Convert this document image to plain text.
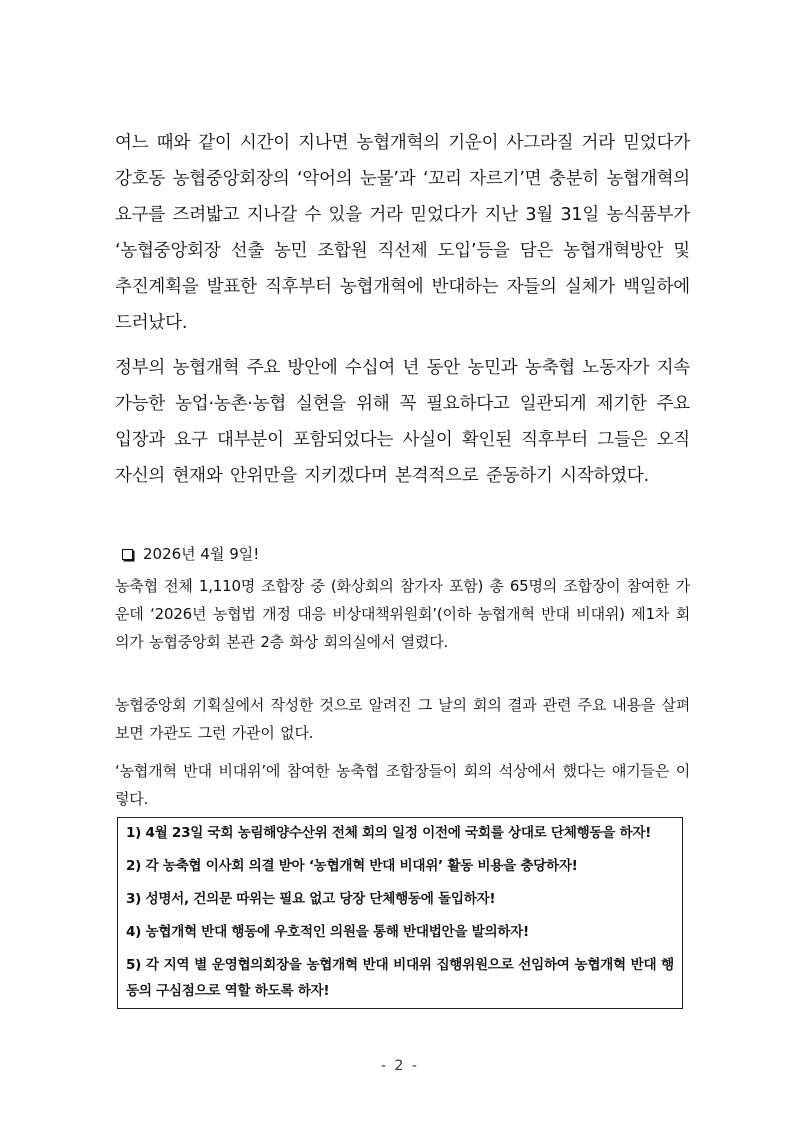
여느 때와 같이 시간이 지나면 농협개혁의 기운이 사그라질 거라 믿었다가 강호동 농협중앙회장의 ‘악어의 눈물’과 ‘꼬리 자르기’면 충분히 농협개혁의 요구를 즈려밟고 지나갈 수 있을 거라 믿었다가 지난 3월 31일 농식품부가 ‘농협중앙회장 선출 농민 조합원 직선제 도입’등을 담은 농협개혁방안 및 추진계획을 발표한 직후부터 농협개혁에 반대하는 자들의 실체가 백일하에 드러났다.
정부의 농협개혁 주요 방안에 수십여 년 동안 농민과 농축협 노동자가 지속가능한 농업·농촌·농협 실현을 위해 꼭 필요하다고 일관되게 제기한 주요 입장과 요구 대부분이 포함되었다는 사실이 확인된 직후부터 그들은 오직 자신의 현재와 안위만을 지키겠다며 본격적으로 준동하기 시작하였다.
2026년 4월 9일!
농축협 전체 1,110명 조합장 중 (화상회의 참가자 포함) 총 65명의 조합장이 참여한 가운데 ‘2026년 농협법 개정 대응 비상대책위원회’(이하 농협개혁 반대 비대위) 제1차 회의가 농협중앙회 본관 2층 화상 회의실에서 열렸다.
농협중앙회 기획실에서 작성한 것으로 알려진 그 날의 회의 결과 관련 주요 내용을 살펴보면 가관도 그런 가관이 없다.
‘농협개혁 반대 비대위’에 참여한 농축협 조합장들이 회의 석상에서 했다는 얘기들은 이렇다.

1) 4월 23일 국회 농림해양수산위 전체 회의 일정 이전에 국회를 상대로 단체행동을 하자!

2) 각 농축협 이사회 의결 받아 ‘농협개혁 반대 비대위’ 활동 비용을 충당하자!

3) 성명서, 건의문 따위는 필요 없고 당장 단체행동에 돌입하자!

4) 농협개혁 반대 행동에 우호적인 의원을 통해 반대법안을 발의하자!

5) 각 지역 별 운영협의회장을 농협개혁 반대 비대위 집행위원으로 선임하여 농협개혁 반대 행동의 구심점으로 역할 하도록 하자!

- 2 -
